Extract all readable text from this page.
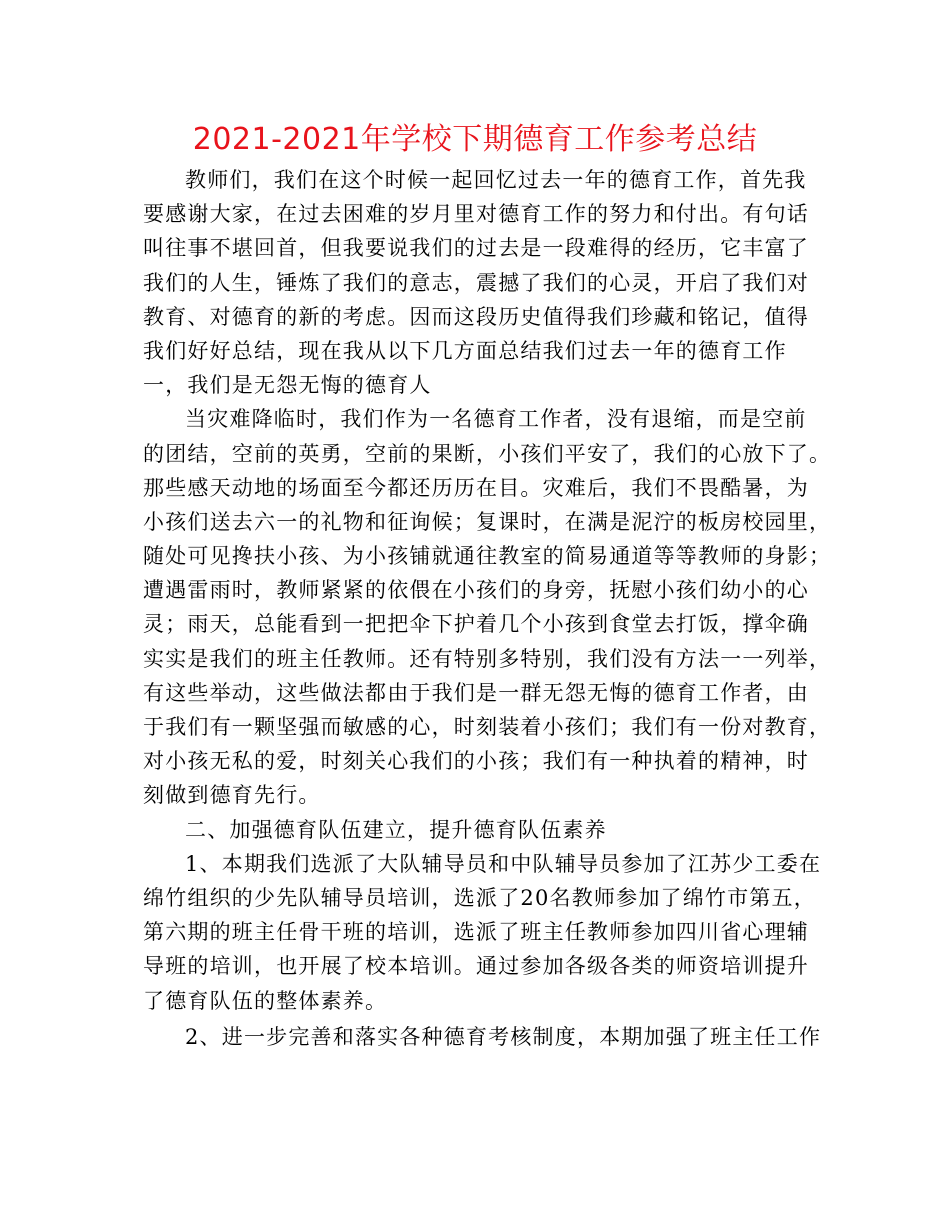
2021-2021年学校下期德育工作参考总结
教师们，我们在这个时候一起回忆过去一年的德育工作，首先我
要感谢大家，在过去困难的岁月里对德育工作的努力和付出。有句话
叫往事不堪回首，但我要说我们的过去是一段难得的经历，它丰富了
我们的人生，锤炼了我们的意志，震撼了我们的心灵，开启了我们对
教育、对德育的新的考虑。因而这段历史值得我们珍藏和铭记，值得
我们好好总结，现在我从以下几方面总结我们过去一年的德育工作
一，我们是无怨无悔的德育人
当灾难降临时，我们作为一名德育工作者，没有退缩，而是空前
的团结，空前的英勇，空前的果断，小孩们平安了，我们的心放下了。
那些感天动地的场面至今都还历历在目。灾难后，我们不畏酷暑，为
小孩们送去六一的礼物和征询候；复课时，在满是泥泞的板房校园里，
随处可见搀扶小孩、为小孩铺就通往教室的简易通道等等教师的身影；
遭遇雷雨时，教师紧紧的依偎在小孩们的身旁，抚慰小孩们幼小的心
灵；雨天，总能看到一把把伞下护着几个小孩到食堂去打饭，撑伞确
实实是我们的班主任教师。还有特别多特别，我们没有方法一一列举，
有这些举动，这些做法都由于我们是一群无怨无悔的德育工作者，由
于我们有一颗坚强而敏感的心，时刻装着小孩们；我们有一份对教育，
对小孩无私的爱，时刻关心我们的小孩；我们有一种执着的精神，时
刻做到德育先行。
二、加强德育队伍建立，提升德育队伍素养
1、本期我们选派了大队辅导员和中队辅导员参加了江苏少工委在
绵竹组织的少先队辅导员培训，选派了20名教师参加了绵竹市第五，
第六期的班主任骨干班的培训，选派了班主任教师参加四川省心理辅
导班的培训，也开展了校本培训。通过参加各级各类的师资培训提升
了德育队伍的整体素养。
2、进一步完善和落实各种德育考核制度，本期加强了班主任工作
